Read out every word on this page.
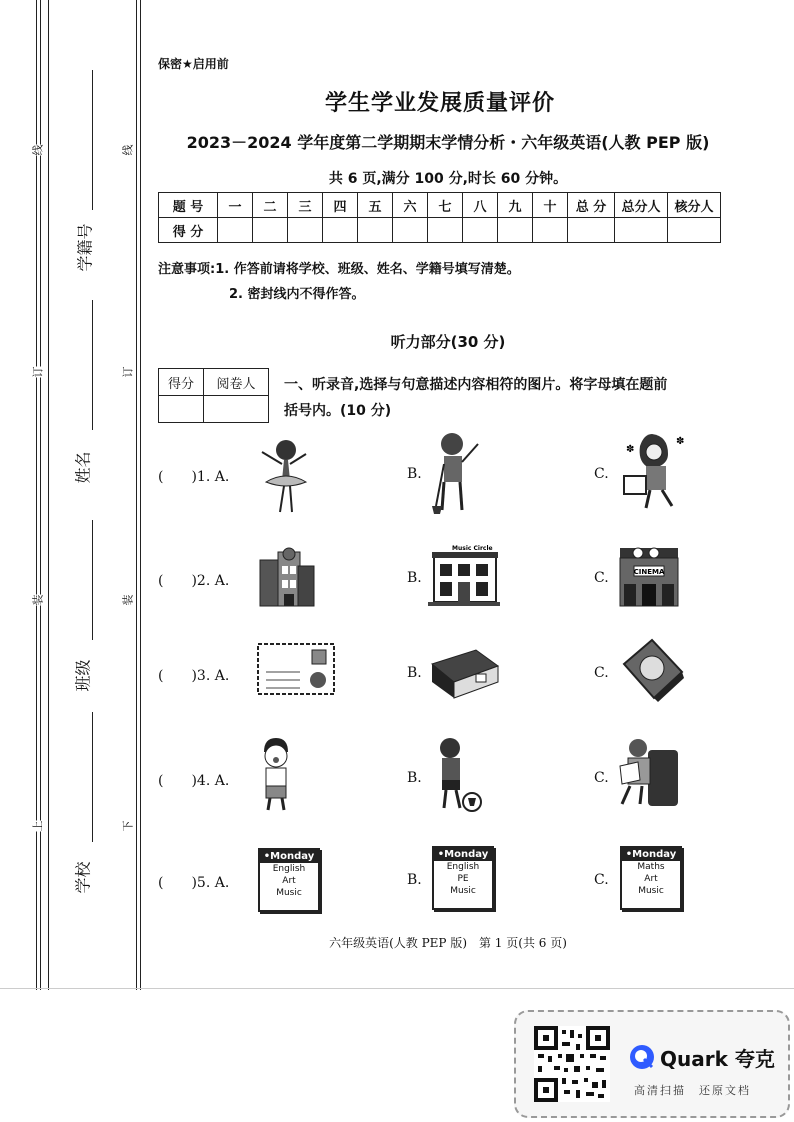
线
订
装
上
线
订
装
下
学籍号
姓名
班级
学校
保密★启用前
学生学业发展质量评价
2023－2024 学年度第二学期期末学情分析・六年级英语(人教 PEP 版)
共 6 页,满分 100 分,时长 60 分钟。
题 号	一	二	三	四	五	六	七	八	九	十	总 分	总分人	核分人
得 分													
注意事项:1. 作答前请将学校、班级、姓名、学籍号填写清楚。
2. 密封线内不得作答。
听力部分(30 分)
得分	阅卷人
	一、听录音,选择与句意描述内容相符的图片。将字母填在题前
括号内。(10 分)
(　　)1. A.	B.	C.
✽
✽
(　　)2. A.	B.	C.
Music Circle
CINEMA
(　　)3. A.	B.	C.
(　　)4. A.	B.	C.
(　　)5. A.	B.	C.
•Monday
English
Art
Music
•Monday
English
PE
Music
•Monday
Maths
Art
Music
六年级英语(人教 PEP 版)　第 1 页(共 6 页)
Quark 夸克
高清扫描　还原文档
